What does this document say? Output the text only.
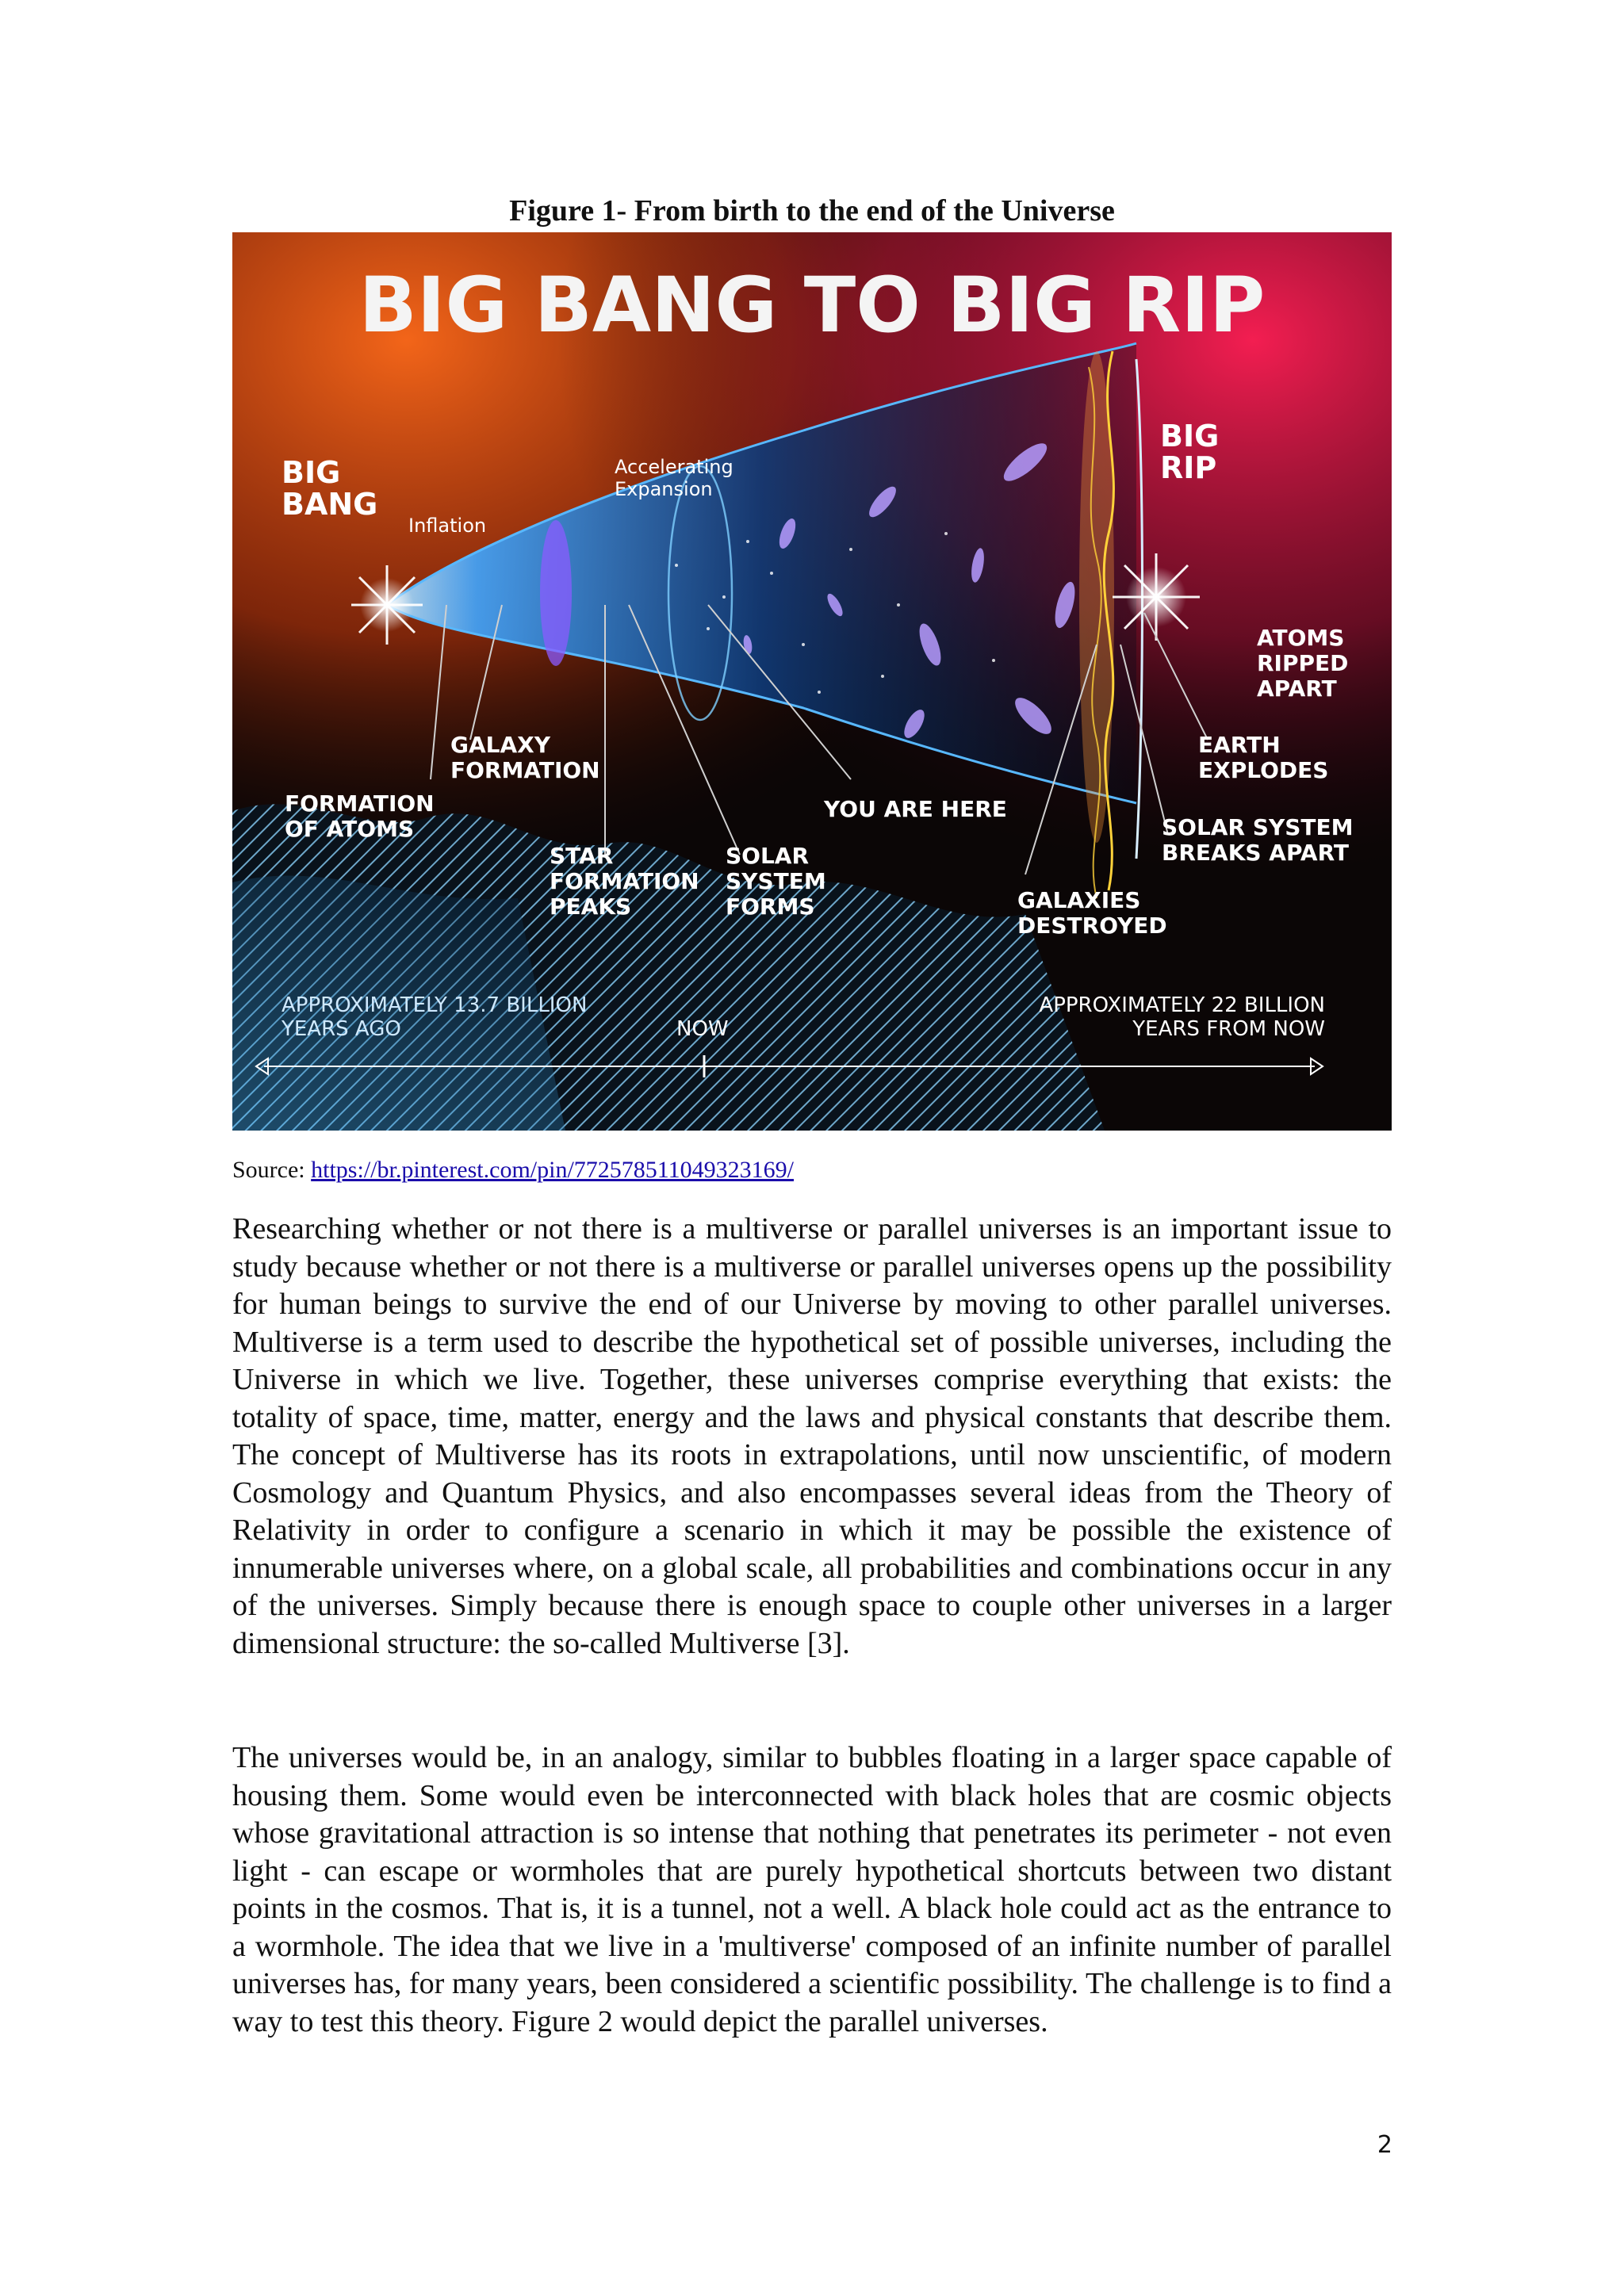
Figure 1- From birth to the end of the Universe
BIG BANG TO BIG RIP
BIG
BANG
BIG
RIP
Inflation
Accelerating
Expansion
GALAXY
FORMATION
FORMATION
OF ATOMS
STAR
FORMATION
PEAKS
SOLAR
SYSTEM
FORMS
YOU ARE HERE
GALAXIES
DESTROYED
ATOMS
RIPPED
APART
EARTH
EXPLODES
SOLAR SYSTEM
BREAKS APART
APPROXIMATELY 13.7 BILLION
YEARS AGO	NOW
APPROXIMATELY 22 BILLION
YEARS FROM NOW
Source: https://br.pinterest.com/pin/772578511049323169/

Researching whether or not there is a multiverse or parallel universes is an important issue to study because whether or not there is a multiverse or parallel universes opens up the possibility for human beings to survive the end of our Universe by moving to other parallel universes. Multiverse is a term used to describe the hypothetical set of possible universes, including the Universe in which we live. Together, these universes comprise everything that exists: the totality of space, time, matter, energy and the laws and physical constants that describe them. The concept of Multiverse has its roots in extrapolations, until now unscientific, of modern Cosmology and Quantum Physics, and also encompasses several ideas from the Theory of Relativity in order to configure a scenario in which it may be possible the existence of innumerable universes where, on a global scale, all probabilities and combinations occur in any of the universes. Simply because there is enough space to couple other universes in a larger dimensional structure: the so-called Multiverse [3].

The universes would be, in an analogy, similar to bubbles floating in a larger space capable of housing them. Some would even be interconnected with black holes that are cosmic objects whose gravitational attraction is so intense that nothing that penetrates its perimeter - not even light - can escape or wormholes that are purely hypothetical shortcuts between two distant points in the cosmos. That is, it is a tunnel, not a well. A black hole could act as the entrance to a wormhole. The idea that we live in a 'multiverse' composed of an infinite number of parallel universes has, for many years, been considered a scientific possibility. The challenge is to find a way to test this theory. Figure 2 would depict the parallel universes.

2
